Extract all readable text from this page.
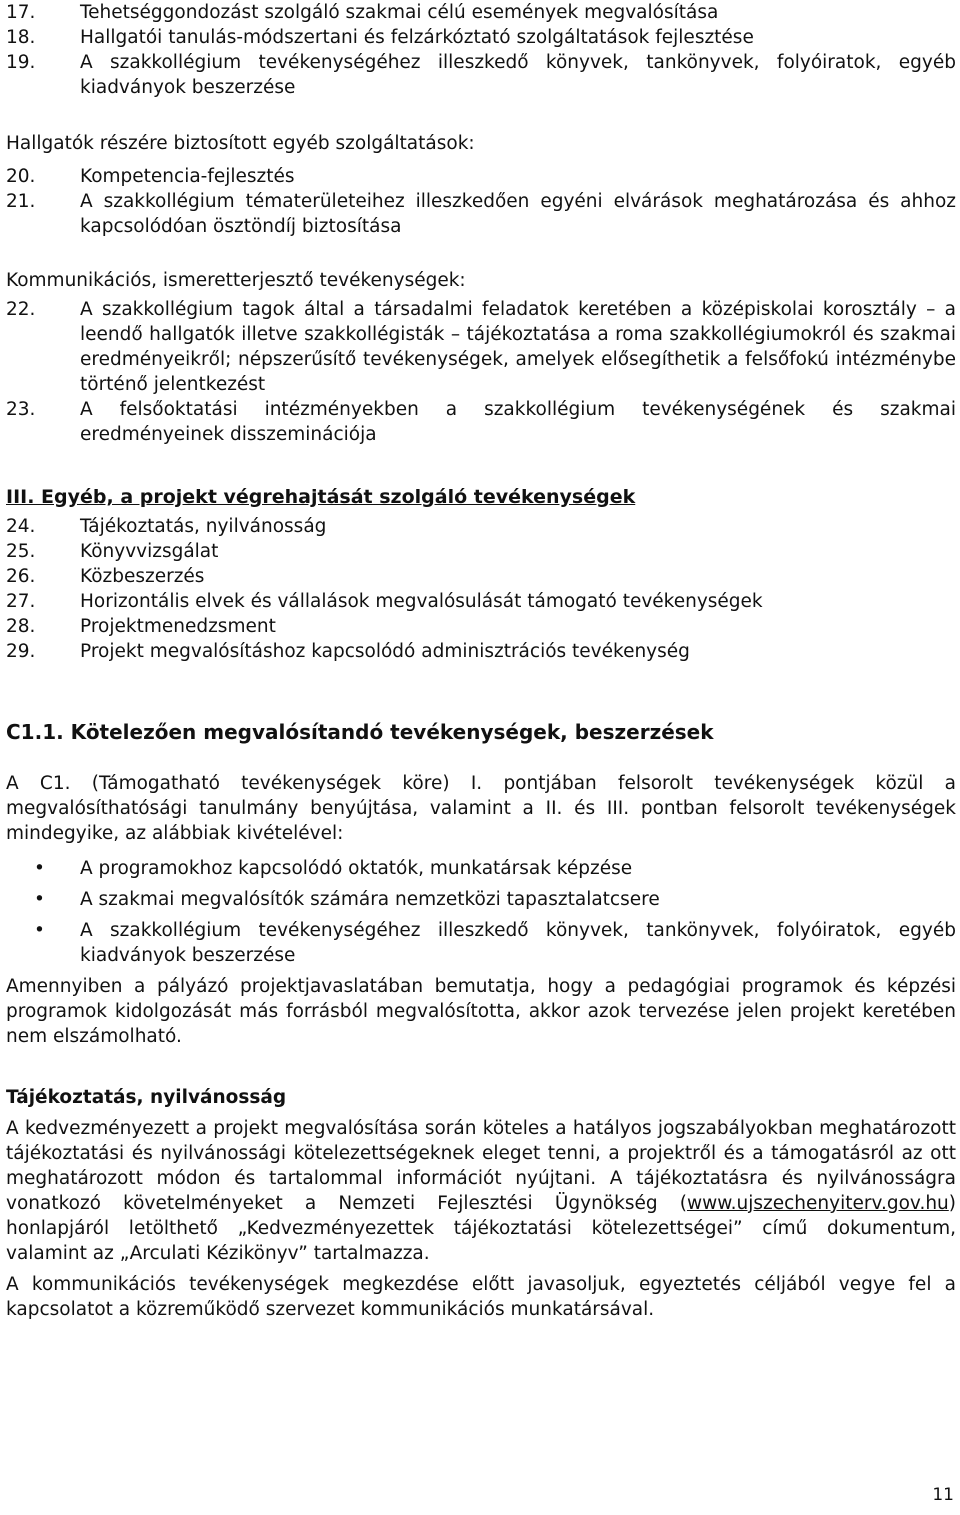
17.	Tehetséggondozást szolgáló szakmai célú események megvalósítása
18.	Hallgatói tanulás-módszertani és felzárkóztató szolgáltatások fejlesztése
19.	A szakkollégium tevékenységéhez illeszkedő könyvek, tankönyvek, folyóiratok, egyéb kiadványok beszerzése
Hallgatók részére biztosított egyéb szolgáltatások:
20.	Kompetencia-fejlesztés
21.	A szakkollégium tématerületeihez illeszkedően egyéni elvárások meghatározása és ahhoz kapcsolódóan ösztöndíj biztosítása
Kommunikációs, ismeretterjesztő tevékenységek:
22.	A szakkollégium tagok által a társadalmi feladatok keretében a középiskolai korosztály – a leendő hallgatók illetve szakkollégisták – tájékoztatása a roma szakkollégiumokról és szakmai eredményeikről; népszerűsítő tevékenységek, amelyek elősegíthetik a felsőfokú intézménybe történő jelentkezést
23.	A felsőoktatási intézményekben a szakkollégium tevékenységének és szakmai eredményeinek disszeminációja
III. Egyéb, a projekt végrehajtását szolgáló tevékenységek
24.	Tájékoztatás, nyilvánosság
25.	Könyvvizsgálat
26.	Közbeszerzés
27.	Horizontális elvek és vállalások megvalósulását támogató tevékenységek
28.	Projektmenedzsment
29.	Projekt megvalósításhoz kapcsolódó adminisztrációs tevékenység
C1.1. Kötelezően megvalósítandó tevékenységek, beszerzések
A C1. (Támogatható tevékenységek köre) I. pontjában felsorolt tevékenységek közül a megvalósíthatósági tanulmány benyújtása, valamint a II. és III. pontban felsorolt tevékenységek mindegyike, az alábbiak kivételével:
•	A programokhoz kapcsolódó oktatók, munkatársak képzése
•	A szakmai megvalósítók számára nemzetközi tapasztalatcsere
•	A szakkollégium tevékenységéhez illeszkedő könyvek, tankönyvek, folyóiratok, egyéb kiadványok beszerzése
Amennyiben a pályázó projektjavaslatában bemutatja, hogy a pedagógiai programok és képzési programok kidolgozását más forrásból megvalósította, akkor azok tervezése jelen projekt keretében nem elszámolható.
Tájékoztatás, nyilvánosság
A kedvezményezett a projekt megvalósítása során köteles a hatályos jogszabályokban meghatározott tájékoztatási és nyilvánossági kötelezettségeknek eleget tenni, a projektről és a támogatásról az ott meghatározott módon és tartalommal információt nyújtani. A tájékoztatásra és nyilvánosságra vonatkozó követelményeket a Nemzeti Fejlesztési Ügynökség (www.ujszechenyiterv.gov.hu) honlapjáról letölthető „Kedvezményezettek tájékoztatási kötelezettségei” című dokumentum, valamint az „Arculati Kézikönyv” tartalmazza.
A kommunikációs tevékenységek megkezdése előtt javasoljuk, egyeztetés céljából vegye fel a kapcsolatot a közreműködő szervezet kommunikációs munkatársával.
11
